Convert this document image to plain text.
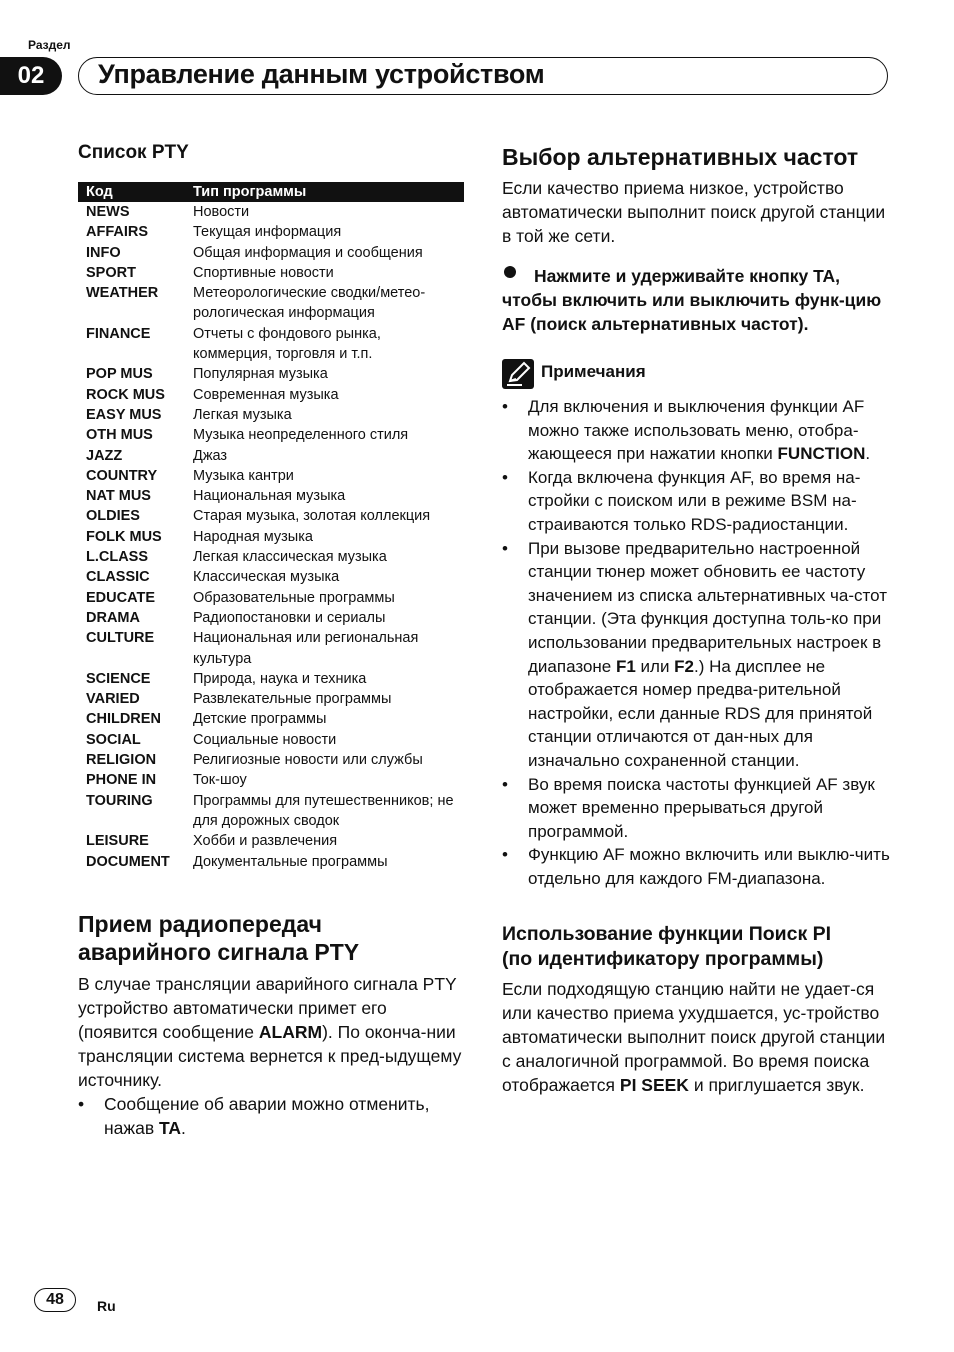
Раздел
02	Управление данным устройством
Список PTY
Код	Тип программы
NEWS	Новости
AFFAIRS	Текущая информация
INFO	Общая информация и сообщения
SPORT	Спортивные новости
WEATHER	Метеорологические сводки/метео-рологическая информация
FINANCE	Отчеты с фондового рынка, коммерция, торговля и т.п.
POP MUS	Популярная музыка
ROCK MUS	Современная музыка
EASY MUS	Легкая музыка
OTH MUS	Музыка неопределенного стиля
JAZZ	Джаз
COUNTRY	Музыка кантри
NAT MUS	Национальная музыка
OLDIES	Старая музыка, золотая коллекция
FOLK MUS	Народная музыка
L.CLASS	Легкая классическая музыка
CLASSIC	Классическая музыка
EDUCATE	Образовательные программы
DRAMA	Радиопостановки и сериалы
CULTURE	Национальная или региональная культура
SCIENCE	Природа, наука и техника
VARIED	Развлекательные программы
CHILDREN	Детские программы
SOCIAL	Социальные новости
RELIGION	Религиозные новости или службы
PHONE IN	Ток-шоу
TOURING	Программы для путешественников; не для дорожных сводок
LEISURE	Хобби и развлечения
DOCUMENT	Документальные программы
Прием радиопередач
аварийного сигнала PTY

В случае трансляции аварийного сигнала PTY устройство автоматически примет его (появится сообщение ALARM). По оконча-нии трансляции система вернется к пред-ыдущему источнику.

• Сообщение об аварии можно отменить, нажав TA.
Выбор альтернативных частот

Если качество приема низкое, устройство автоматически выполнит поиск другой станции в той же сети.

Нажмите и удерживайте кнопку TA, чтобы включить или выключить функ-цию AF (поиск альтернативных частот).

Примечания
• Для включения и выключения функции AF можно также использовать меню, отобра-жающееся при нажатии кнопки FUNCTION.
• Когда включена функция AF, во время на-стройки с поиском или в режиме BSM на-страиваются только RDS-радиостанции.
• При вызове предварительно настроенной станции тюнер может обновить ее частоту значением из списка альтернативных ча-стот станции. (Эта функция доступна толь-ко при использовании предварительных настроек в диапазоне F1 или F2.) На дисплее не отображается номер предва-рительной настройки, если данные RDS для принятой станции отличаются от дан-ных для изначально сохраненной станции.
• Во время поиска частоты функцией AF звук может временно прерываться другой программой.
• Функцию AF можно включить или выклю-чить отдельно для каждого FM-диапазона.
Использование функции Поиск PI
(по идентификатору программы)

Если подходящую станцию найти не удает-ся или качество приема ухудшается, ус-тройство автоматически выполнит поиск другой станции с аналогичной программой. Во время поиска отображается PI SEEK и приглушается звук.

48	Ru
